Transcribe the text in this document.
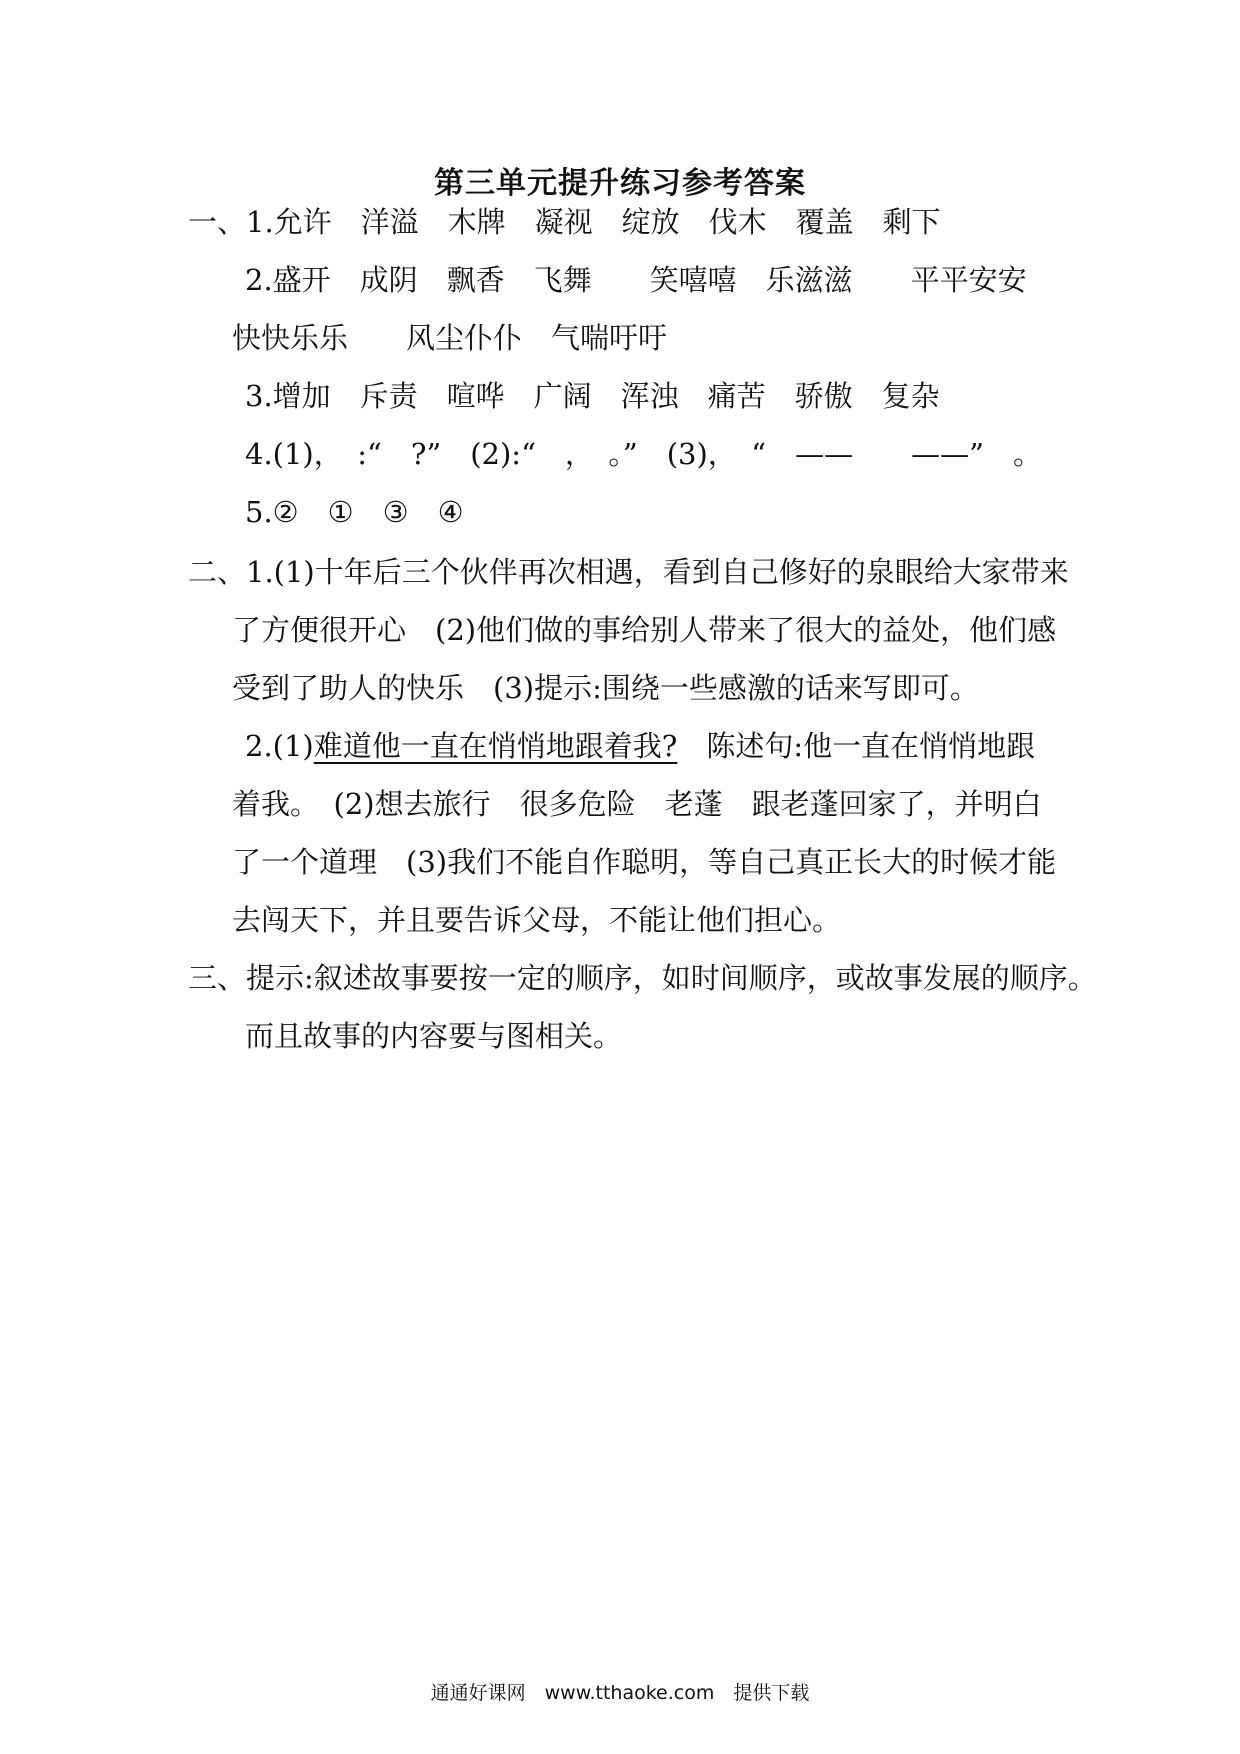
第三单元提升练习参考答案
一、1.允许　洋溢　木牌　凝视　绽放　伐木　覆盖　剩下
2.盛开　成阴　飘香　飞舞　　笑嘻嘻　乐滋滋　　平平安安
快快乐乐　　风尘仆仆　气喘吁吁
3.增加　斥责　喧哗　广阔　浑浊　痛苦　骄傲　复杂
4.(1)，　:“　?”　(2):“　，　。”　(3)，　“　——　　——”　。
5.②　①　③　④
二、1.(1)十年后三个伙伴再次相遇，看到自己修好的泉眼给大家带来
了方便很开心　(2)他们做的事给别人带来了很大的益处，他们感
受到了助人的快乐　(3)提示:围绕一些感激的话来写即可。
2.(1)难道他一直在悄悄地跟着我?　陈述句:他一直在悄悄地跟
着我。　(2)想去旅行　很多危险　老蓬　跟老蓬回家了，并明白
了一个道理　(3)我们不能自作聪明，等自己真正长大的时候才能
去闯天下，并且要告诉父母，不能让他们担心。
三、提示:叙述故事要按一定的顺序，如时间顺序，或故事发展的顺序。
而且故事的内容要与图相关。
通通好课网　www.tthaoke.com　提供下载
